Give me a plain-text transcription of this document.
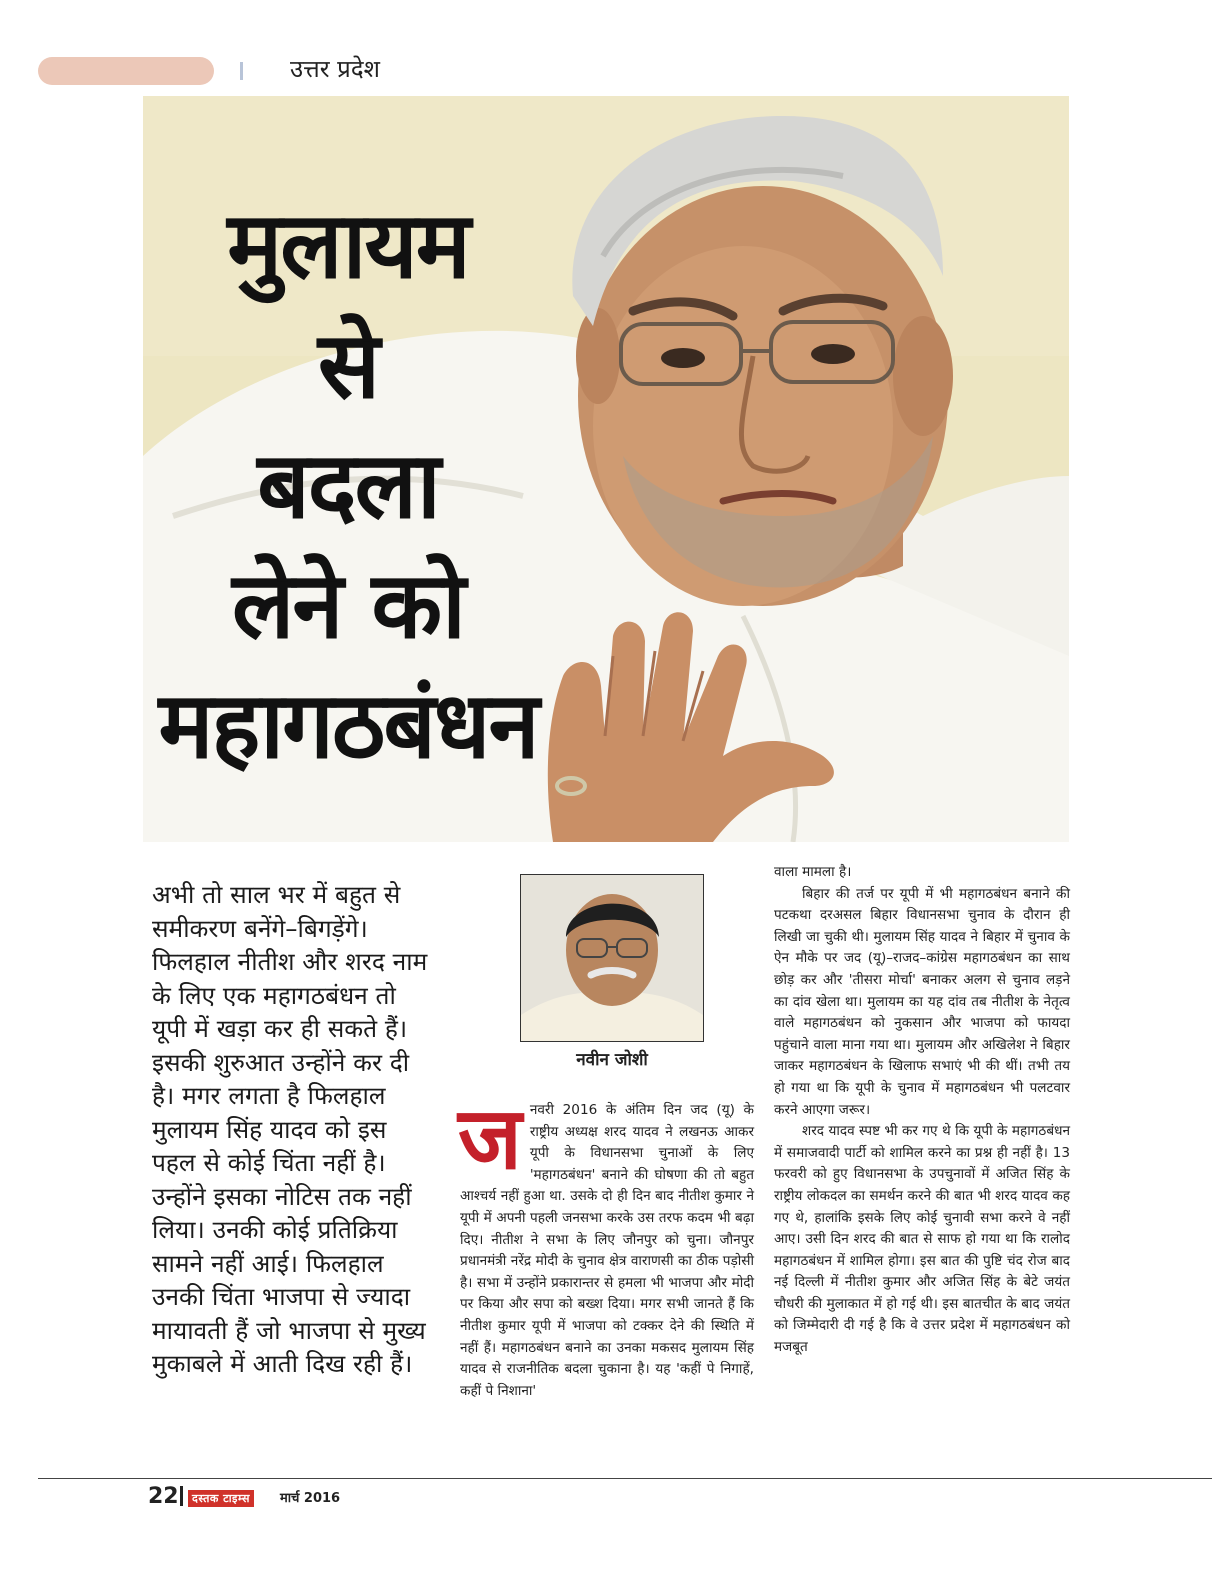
उत्तर प्रदेश
मुलायम
से
बदला
लेने को
महागठबंधन
अभी तो साल भर में बहुत से समीकरण बनेंगे–बिगड़ेंगे। फिलहाल नीतीश और शरद नाम के लिए एक महागठबंधन तो यूपी में खड़ा कर ही सकते हैं। इसकी शुरुआत उन्होंने कर दी है। मगर लगता है फिलहाल मुलायम सिंह यादव को इस पहल से कोई चिंता नहीं है। उन्होंने इसका नोटिस तक नहीं लिया। उनकी कोई प्रतिक्रिया सामने नहीं आई। फिलहाल उनकी चिंता भाजपा से ज्यादा मायावती हैं जो भाजपा से मुख्य मुकाबले में आती दिख रही हैं।
नवीन जोशी
ज नवरी 2016 के अंतिम दिन जद (यू) के राष्ट्रीय अध्यक्ष शरद यादव ने लखनऊ आकर यूपी के विधानसभा चुनाओं के लिए 'महागठबंधन' बनाने की घोषणा की तो बहुत आश्चर्य नहीं हुआ था. उसके दो ही दिन बाद नीतीश कुमार ने यूपी में अपनी पहली जनसभा करके उस तरफ कदम भी बढ़ा दिए। नीतीश ने सभा के लिए जौनपुर को चुना। जौनपुर प्रधानमंत्री नरेंद्र मोदी के चुनाव क्षेत्र वाराणसी का ठीक पड़ोसी है। सभा में उन्होंने प्रकारान्तर से हमला भी भाजपा और मोदी पर किया और सपा को बख्श दिया। मगर सभी जानते हैं कि नीतीश कुमार यूपी में भाजपा को टक्कर देने की स्थिति में नहीं हैं। महागठबंधन बनाने का उनका मकसद मुलायम सिंह यादव से राजनीतिक बदला चुकाना है। यह 'कहीं पे निगाहें, कहीं पे निशाना'

वाला मामला है।

बिहार की तर्ज पर यूपी में भी महागठबंधन बनाने की पटकथा दरअसल बिहार विधानसभा चुनाव के दौरान ही लिखी जा चुकी थी। मुलायम सिंह यादव ने बिहार में चुनाव के ऐन मौके पर जद (यू)–राजद–कांग्रेस महागठबंधन का साथ छोड़ कर और 'तीसरा मोर्चा' बनाकर अलग से चुनाव लड़ने का दांव खेला था। मुलायम का यह दांव तब नीतीश के नेतृत्व वाले महागठबंधन को नुकसान और भाजपा को फायदा पहुंचाने वाला माना गया था। मुलायम और अखिलेश ने बिहार जाकर महागठबंधन के खिलाफ सभाएं भी की थीं। तभी तय हो गया था कि यूपी के चुनाव में महागठबंधन भी पलटवार करने आएगा जरूर।

शरद यादव स्पष्ट भी कर गए थे कि यूपी के महागठबंधन में समाजवादी पार्टी को शामिल करने का प्रश्न ही नहीं है। 13 फरवरी को हुए विधानसभा के उपचुनावों में अजित सिंह के राष्ट्रीय लोकदल का समर्थन करने की बात भी शरद यादव कह गए थे, हालांकि इसके लिए कोई चुनावी सभा करने वे नहीं आए। उसी दिन शरद की बात से साफ हो गया था कि रालोद महागठबंधन में शामिल होगा। इस बात की पुष्टि चंद रोज बाद नई दिल्ली में नीतीश कुमार और अजित सिंह के बेटे जयंत चौधरी की मुलाकात में हो गई थी। इस बातचीत के बाद जयंत को जिम्मेदारी दी गई है कि वे उत्तर प्रदेश में महागठबंधन को मजबूत

22	दस्तक टाइम्स	मार्च 2016
